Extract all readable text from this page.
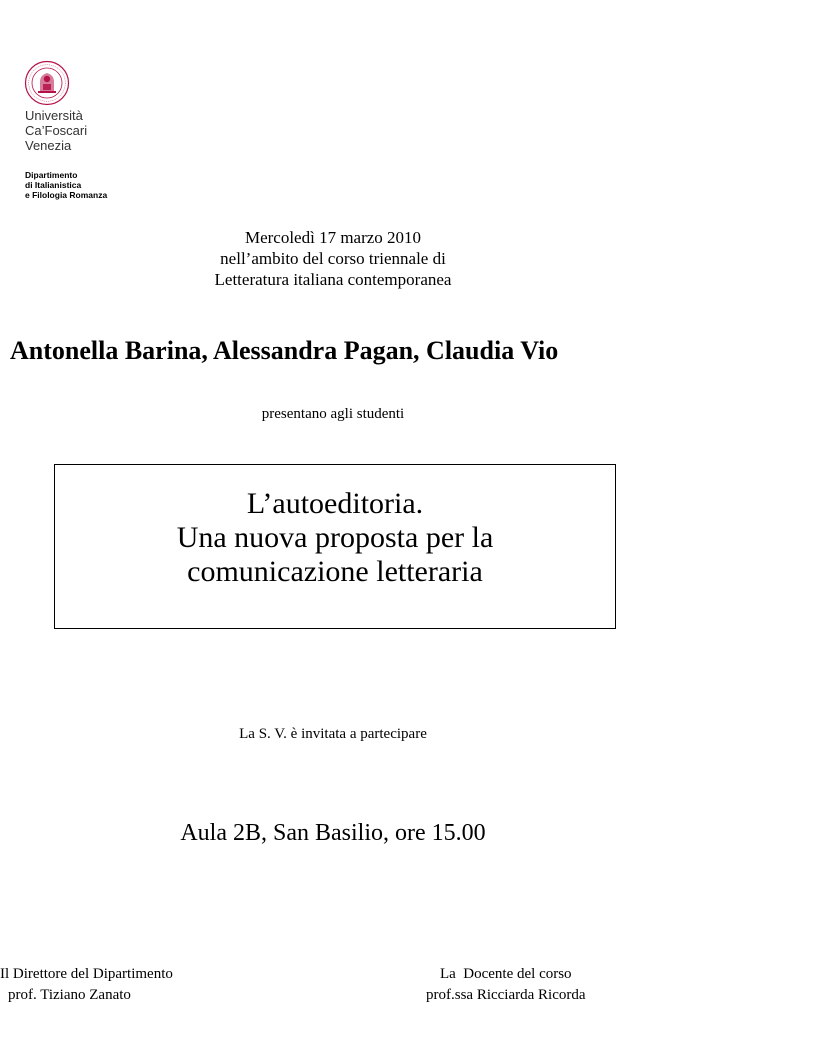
Università
Ca’Foscari
Venezia
Dipartimento
di Italianistica
e Filologia Romanza
Mercoledì 17 marzo 2010
nell’ambito del corso triennale di
Letteratura italiana contemporanea
Antonella Barina, Alessandra Pagan, Claudia Vio
presentano agli studenti
L’autoeditoria.
Una nuova proposta per la
comunicazione letteraria
La S. V. è invitata a partecipare
Aula 2B, San Basilio, ore 15.00
Il Direttore del Dipartimento
prof. Tiziano Zanato
La  Docente del corso
prof.ssa Ricciarda Ricorda
